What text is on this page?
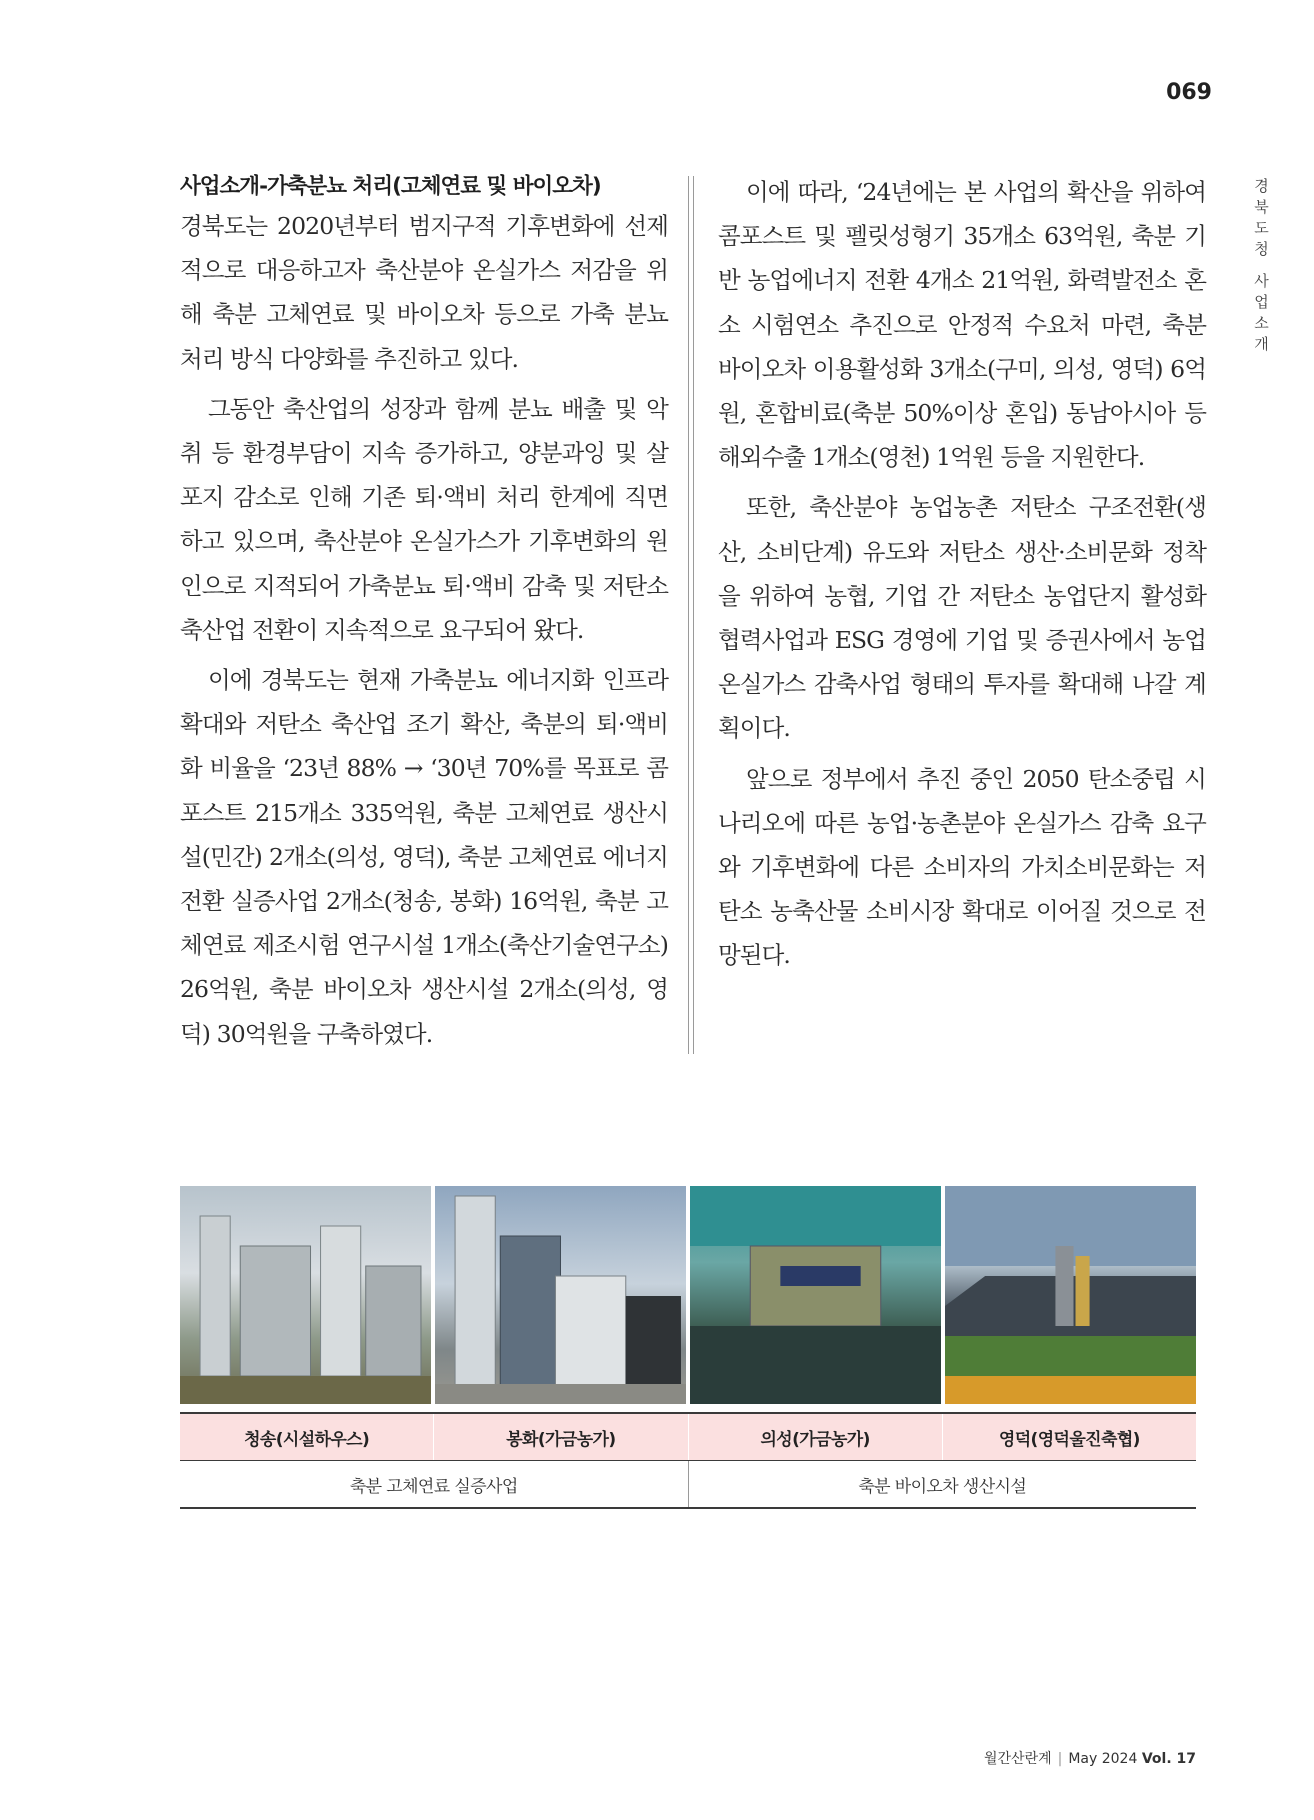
069
경북도청 사업소개
사업소개-가축분뇨 처리(고체연료 및 바이오차)

경북도는 2020년부터 범지구적 기후변화에 선제적으로 대응하고자 축산분야 온실가스 저감을 위해 축분 고체연료 및 바이오차 등으로 가축 분뇨 처리 방식 다양화를 추진하고 있다.

그동안 축산업의 성장과 함께 분뇨 배출 및 악취 등 환경부담이 지속 증가하고, 양분과잉 및 살포지 감소로 인해 기존 퇴·액비 처리 한계에 직면하고 있으며, 축산분야 온실가스가 기후변화의 원인으로 지적되어 가축분뇨 퇴·액비 감축 및 저탄소 축산업 전환이 지속적으로 요구되어 왔다.

이에 경북도는 현재 가축분뇨 에너지화 인프라 확대와 저탄소 축산업 조기 확산, 축분의 퇴·액비화 비율을 ‘23년 88% → ‘30년 70%를 목표로 콤포스트 215개소 335억원, 축분 고체연료 생산시설(민간) 2개소(의성, 영덕), 축분 고체연료 에너지전환 실증사업 2개소(청송, 봉화) 16억원, 축분 고체연료 제조시험 연구시설 1개소(축산기술연구소) 26억원, 축분 바이오차 생산시설 2개소(의성, 영덕) 30억원을 구축하였다.

이에 따라, ‘24년에는 본 사업의 확산을 위하여 콤포스트 및 펠릿성형기 35개소 63억원, 축분 기반 농업에너지 전환 4개소 21억원, 화력발전소 혼소 시험연소 추진으로 안정적 수요처 마련, 축분 바이오차 이용활성화 3개소(구미, 의성, 영덕) 6억원, 혼합비료(축분 50%이상 혼입) 동남아시아 등 해외수출 1개소(영천) 1억원 등을 지원한다.

또한, 축산분야 농업농촌 저탄소 구조전환(생산, 소비단계) 유도와 저탄소 생산·소비문화 정착을 위하여 농협, 기업 간 저탄소 농업단지 활성화 협력사업과 ESG 경영에 기업 및 증권사에서 농업 온실가스 감축사업 형태의 투자를 확대해 나갈 계획이다.

앞으로 정부에서 추진 중인 2050 탄소중립 시나리오에 따른 농업·농촌분야 온실가스 감축 요구와 기후변화에 다른 소비자의 가치소비문화는 저탄소 농축산물 소비시장 확대로 이어질 것으로 전망된다.

청송(시설하우스)	봉화(가금농가)	의성(가금농가)	영덕(영덕울진축협)
축분 고체연료 실증사업	축분 바이오차 생산시설
월간산란계 | May 2024 Vol. 17
